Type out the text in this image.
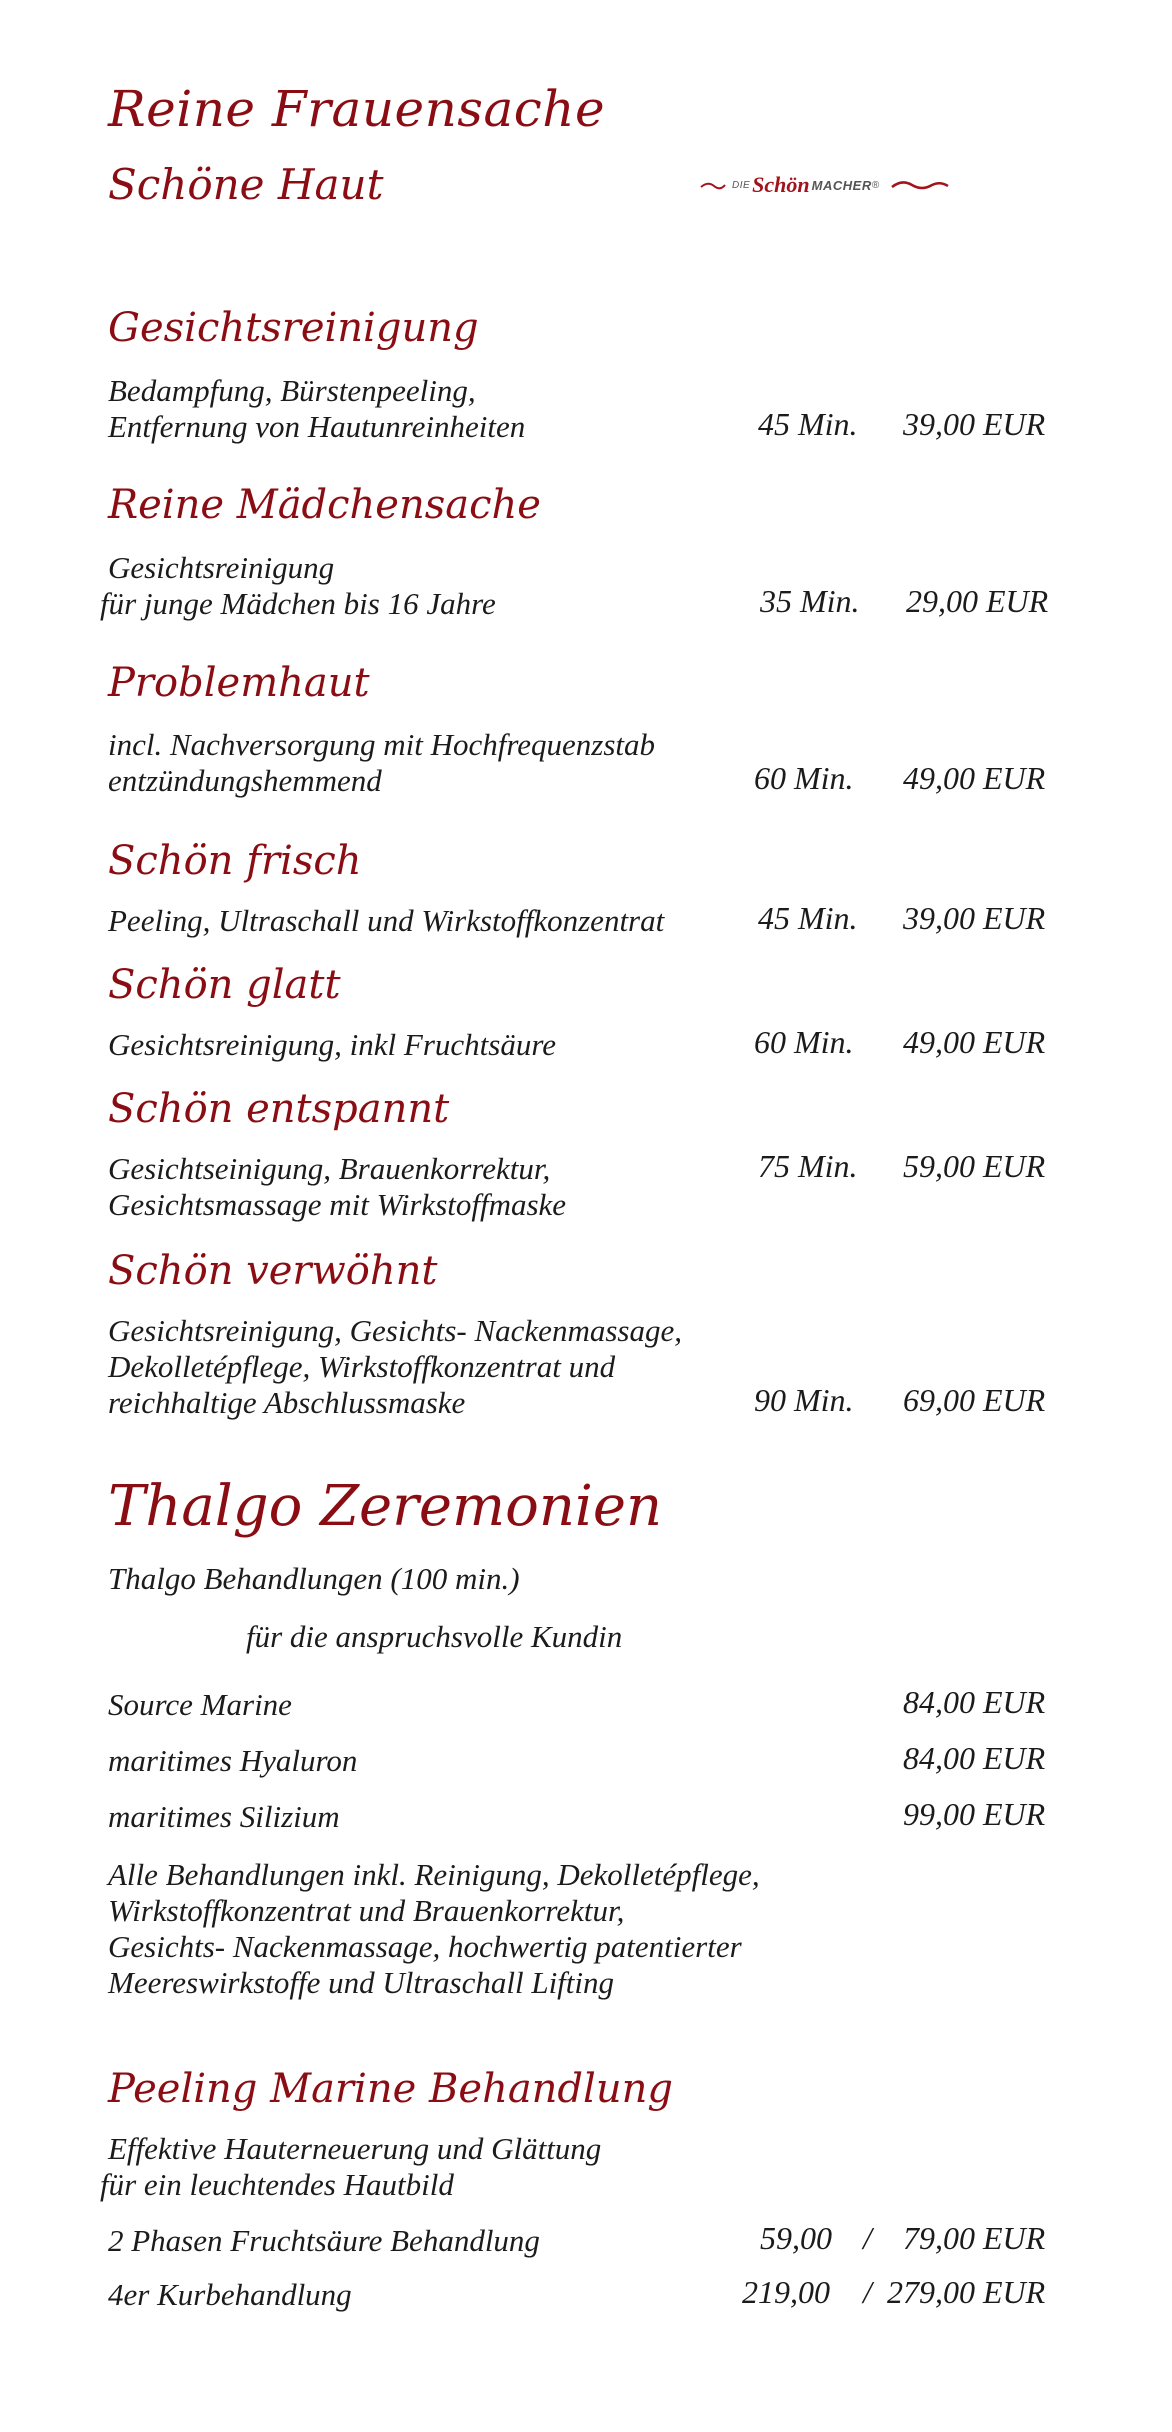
Reine Frauensache
Schöne Haut	DIE Schön MACHER ®
Gesichtsreinigung
Bedampfung, Bürstenpeeling,
Entfernung von Hautunreinheiten	45 Min. 39,00 EUR
Reine Mädchensache
Gesichtsreinigung
für junge Mädchen bis 16 Jahre	35 Min. 29,00 EUR
Problemhaut
incl. Nachversorgung mit Hochfrequenzstab
entzündungshemmend	60 Min. 49,00 EUR
Schön frisch
Peeling, Ultraschall und Wirkstoffkonzentrat	45 Min. 39,00 EUR
Schön glatt
Gesichtsreinigung, inkl Fruchtsäure	60 Min. 49,00 EUR
Schön entspannt
Gesichtseinigung, Brauenkorrektur,
Gesichtsmassage mit Wirkstoffmaske
75 Min. 59,00 EUR
Schön verwöhnt
Gesichtsreinigung, Gesichts- Nackenmassage,
Dekolletépflege, Wirkstoffkonzentrat und
reichhaltige Abschlussmaske	90 Min. 69,00 EUR
Thalgo Zeremonien
Thalgo Behandlungen (100 min.)
für die anspruchsvolle Kundin
Source Marine	84,00 EUR
maritimes Hyaluron	84,00 EUR
maritimes Silizium	99,00 EUR
Alle Behandlungen inkl. Reinigung, Dekolletépflege,
Wirkstoffkonzentrat und Brauenkorrektur,
Gesichts- Nackenmassage, hochwertig patentierter
Meereswirkstoffe und Ultraschall Lifting
Peeling Marine Behandlung
Effektive Hauterneuerung und Glättung
für ein leuchtendes Hautbild
2 Phasen Fruchtsäure Behandlung	59,00 / 79,00 EUR
4er Kurbehandlung	219,00 / 279,00 EUR
